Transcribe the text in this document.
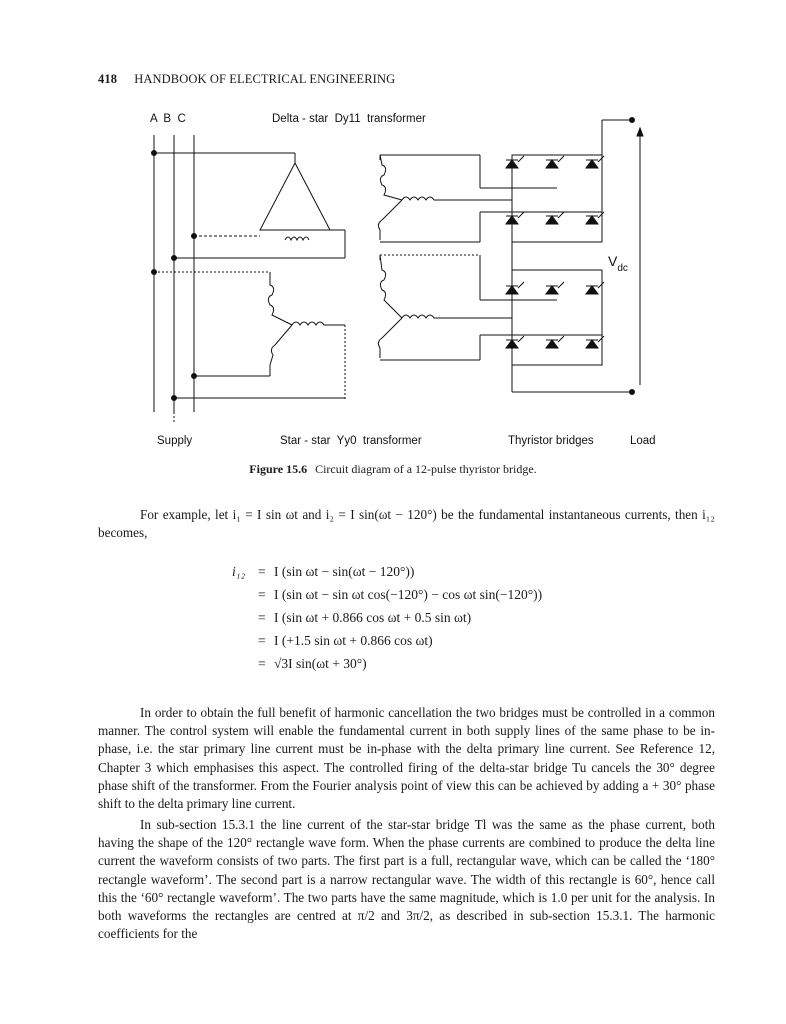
418 HANDBOOK OF ELECTRICAL ENGINEERING
A  B  C	Delta - star  Dy11  transformer
$V_{dc}$
Supply	Star - star  Yy0  transformer	Thyristor bridges	Load
Figure 15.6 Circuit diagram of a 12-pulse thyristor bridge.

For example, let i₁ = I sin ωt and i₂ = I sin(ωt − 120°) be the fundamental instantaneous currents, then i₁₂ becomes,

i₁₂ = I (sin ωt − sin(ωt − 120°))
= I (sin ωt − sin ωt cos(−120°) − cos ωt sin(−120°))
= I (sin ωt + 0.866 cos ωt + 0.5 sin ωt)
= I (+1.5 sin ωt + 0.866 cos ωt)
= √3I sin(ωt + 30°)

In order to obtain the full benefit of harmonic cancellation the two bridges must be controlled in a common manner. The control system will enable the fundamental current in both supply lines of the same phase to be in-phase, i.e. the star primary line current must be in-phase with the delta primary line current. See Reference 12, Chapter 3 which emphasises this aspect. The controlled firing of the delta-star bridge Tu cancels the 30° degree phase shift of the transformer. From the Fourier analysis point of view this can be achieved by adding a + 30° phase shift to the delta primary line current.

In sub-section 15.3.1 the line current of the star-star bridge Tl was the same as the phase current, both having the shape of the 120° rectangle wave form. When the phase currents are combined to produce the delta line current the waveform consists of two parts. The first part is a full, rectangular wave, which can be called the ‘180° rectangle waveform’. The second part is a narrow rectangular wave. The width of this rectangle is 60°, hence call this the ‘60° rectangle waveform’. The two parts have the same magnitude, which is 1.0 per unit for the analysis. In both waveforms the rectangles are centred at π/2 and 3π/2, as described in sub-section 15.3.1. The harmonic coefficients for the
